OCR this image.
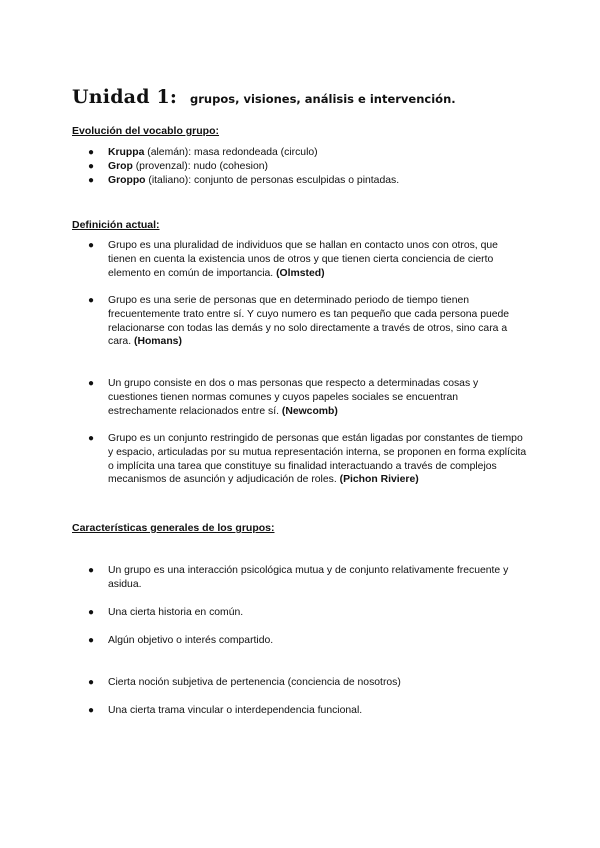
Unidad 1: grupos, visiones, análisis e intervención.
Evolución del vocablo grupo:
● Kruppa (alemán): masa redondeada (circulo)
● Grop (provenzal): nudo (cohesion)
● Groppo (italiano): conjunto de personas esculpidas o pintadas.
Definición actual:
● Grupo es una pluralidad de individuos que se hallan en contacto unos con otros, que tienen en cuenta la existencia unos de otros y que tienen cierta conciencia de cierto elemento en común de importancia. (Olmsted)
● Grupo es una serie de personas que en determinado periodo de tiempo tienen frecuentemente trato entre sí. Y cuyo numero es tan pequeño que cada persona puede relacionarse con todas las demás y no solo directamente a través de otros, sino cara a cara. (Homans)
● Un grupo consiste en dos o mas personas que respecto a determinadas cosas y cuestiones tienen normas comunes y cuyos papeles sociales se encuentran estrechamente relacionados entre sí. (Newcomb)
● Grupo es un conjunto restringido de personas que están ligadas por constantes de tiempo y espacio, articuladas por su mutua representación interna, se proponen en forma explícita o implícita una tarea que constituye su finalidad interactuando a través de complejos mecanismos de asunción y adjudicación de roles. (Pichon Riviere)
Características generales de los grupos:
● Un grupo es una interacción psicológica mutua y de conjunto relativamente frecuente y asidua.
● Una cierta historia en común.
● Algún objetivo o interés compartido.
● Cierta noción subjetiva de pertenencia (conciencia de nosotros)
● Una cierta trama vincular o interdependencia funcional.
